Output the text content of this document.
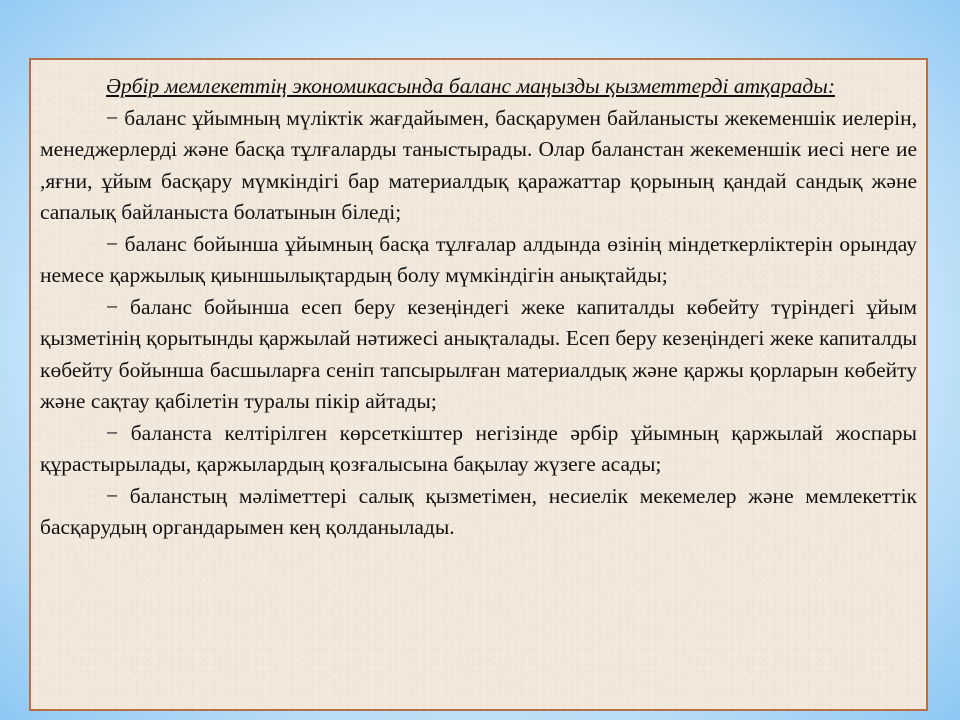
Әрбір мемлекеттің экономикасында баланс маңызды қызметтерді атқарады:

− баланс ұйымның мүліктік жағдайымен, басқарумен байланысты жекеменшік иелерін, менеджерлерді және басқа тұлғаларды таныстырады. Олар баланстан жекеменшік иесі неге ие ,яғни, ұйым басқару мүмкіндігі бар материалдық қаражаттар қорының қандай сандық және сапалық байланыста болатынын біледі;

− баланс бойынша ұйымның басқа тұлғалар алдында өзінің міндеткерліктерін орындау немесе қаржылық қиыншылықтардың болу мүмкіндігін анықтайды;

− баланс бойынша есеп беру кезеңіндегі жеке капиталды көбейту түріндегі ұйым қызметінің қорытынды қаржылай нәтижесі анықталады. Есеп беру кезеңіндегі жеке капиталды көбейту бойынша басшыларға сеніп тапсырылған материалдық және қаржы қорларын көбейту және сақтау қабілетін туралы пікір айтады;

− баланста келтірілген көрсеткіштер негізінде әрбір ұйымның қаржылай жоспары құрастырылады, қаржылардың қозғалысына бақылау жүзеге асады;

− баланстың мәліметтері салық қызметімен, несиелік мекемелер және мемлекеттік басқарудың органдарымен кең қолданылады.
